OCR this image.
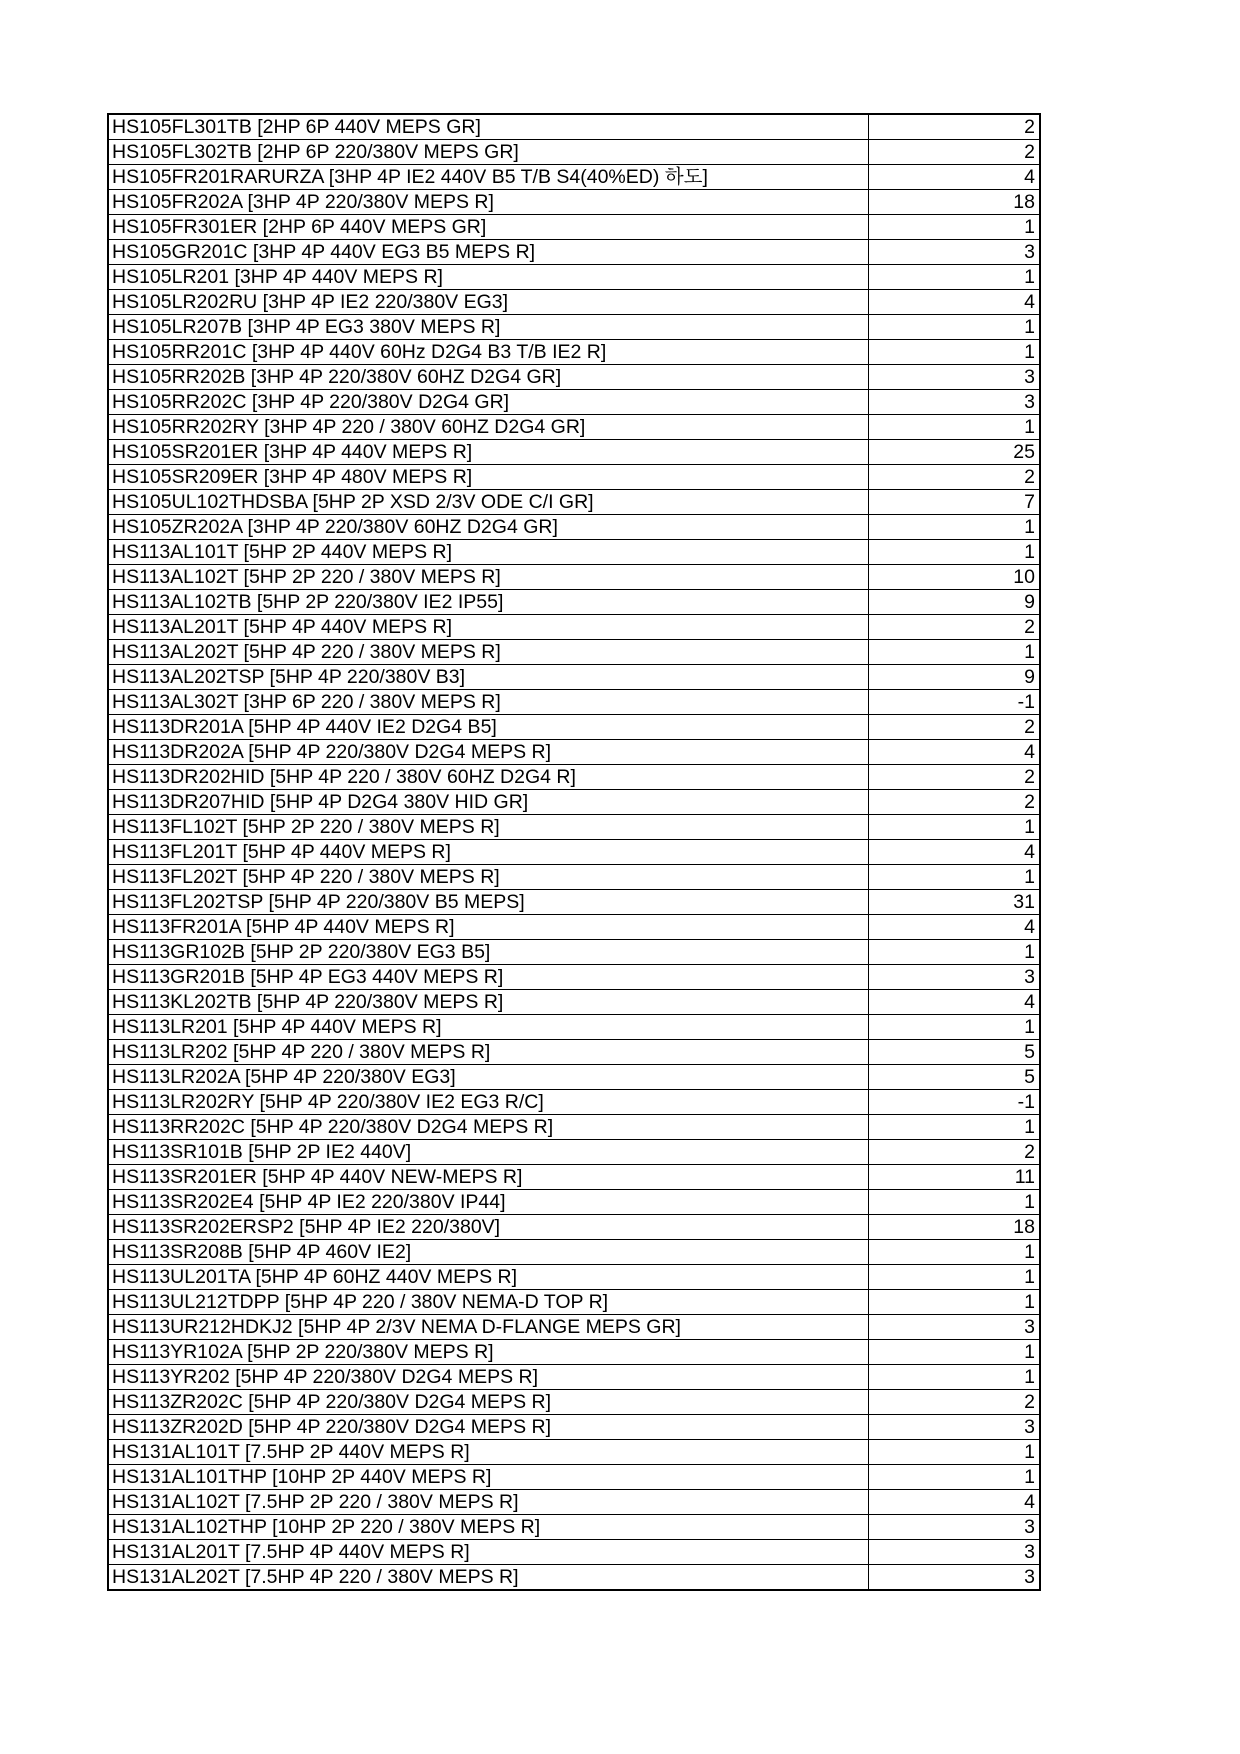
HS105FL301TB [2HP 6P 440V MEPS GR]	2
HS105FL302TB [2HP 6P 220/380V MEPS GR]	2
HS105FR201RARURZA [3HP 4P IE2 440V B5 T/B S4(40%ED) 하도]	4
HS105FR202A [3HP 4P 220/380V MEPS R]	18
HS105FR301ER [2HP 6P 440V MEPS GR]	1
HS105GR201C [3HP 4P 440V EG3 B5 MEPS R]	3
HS105LR201 [3HP 4P 440V MEPS R]	1
HS105LR202RU [3HP 4P IE2 220/380V EG3]	4
HS105LR207B [3HP 4P EG3 380V MEPS R]	1
HS105RR201C [3HP 4P 440V 60Hz D2G4 B3 T/B IE2 R]	1
HS105RR202B [3HP 4P 220/380V 60HZ D2G4 GR]	3
HS105RR202C [3HP 4P 220/380V D2G4 GR]	3
HS105RR202RY [3HP 4P 220 / 380V 60HZ D2G4 GR]	1
HS105SR201ER [3HP 4P 440V MEPS R]	25
HS105SR209ER [3HP 4P 480V MEPS R]	2
HS105UL102THDSBA [5HP 2P XSD 2/3V ODE C/I GR]	7
HS105ZR202A [3HP 4P 220/380V 60HZ D2G4 GR]	1
HS113AL101T [5HP 2P 440V MEPS R]	1
HS113AL102T [5HP 2P 220 / 380V MEPS R]	10
HS113AL102TB [5HP 2P 220/380V IE2 IP55]	9
HS113AL201T [5HP 4P 440V MEPS R]	2
HS113AL202T [5HP 4P 220 / 380V MEPS R]	1
HS113AL202TSP [5HP 4P 220/380V B3]	9
HS113AL302T [3HP 6P 220 / 380V MEPS R]	-1
HS113DR201A [5HP 4P 440V IE2 D2G4 B5]	2
HS113DR202A [5HP 4P 220/380V D2G4 MEPS R]	4
HS113DR202HID [5HP 4P 220 / 380V 60HZ D2G4 R]	2
HS113DR207HID [5HP 4P D2G4 380V HID GR]	2
HS113FL102T [5HP 2P 220 / 380V MEPS R]	1
HS113FL201T [5HP 4P 440V MEPS R]	4
HS113FL202T [5HP 4P 220 / 380V MEPS R]	1
HS113FL202TSP [5HP 4P 220/380V B5 MEPS]	31
HS113FR201A [5HP 4P 440V MEPS R]	4
HS113GR102B [5HP 2P 220/380V EG3 B5]	1
HS113GR201B [5HP 4P EG3 440V MEPS R]	3
HS113KL202TB [5HP 4P 220/380V MEPS R]	4
HS113LR201 [5HP 4P 440V MEPS R]	1
HS113LR202 [5HP 4P 220 / 380V MEPS R]	5
HS113LR202A [5HP 4P 220/380V EG3]	5
HS113LR202RY [5HP 4P 220/380V IE2 EG3 R/C]	-1
HS113RR202C [5HP 4P 220/380V D2G4 MEPS R]	1
HS113SR101B [5HP 2P IE2 440V]	2
HS113SR201ER [5HP 4P 440V NEW-MEPS R]	11
HS113SR202E4 [5HP 4P IE2 220/380V IP44]	1
HS113SR202ERSP2 [5HP 4P IE2 220/380V]	18
HS113SR208B [5HP 4P 460V IE2]	1
HS113UL201TA [5HP 4P 60HZ 440V MEPS R]	1
HS113UL212TDPP [5HP 4P 220 / 380V NEMA-D TOP R]	1
HS113UR212HDKJ2 [5HP 4P 2/3V NEMA D-FLANGE MEPS GR]	3
HS113YR102A [5HP 2P 220/380V MEPS R]	1
HS113YR202 [5HP 4P 220/380V D2G4 MEPS R]	1
HS113ZR202C [5HP 4P 220/380V D2G4 MEPS R]	2
HS113ZR202D [5HP 4P 220/380V D2G4 MEPS R]	3
HS131AL101T [7.5HP 2P 440V MEPS R]	1
HS131AL101THP [10HP 2P 440V MEPS R]	1
HS131AL102T [7.5HP 2P 220 / 380V MEPS R]	4
HS131AL102THP [10HP 2P 220 / 380V MEPS R]	3
HS131AL201T [7.5HP 4P 440V MEPS R]	3
HS131AL202T [7.5HP 4P 220 / 380V MEPS R]	3
